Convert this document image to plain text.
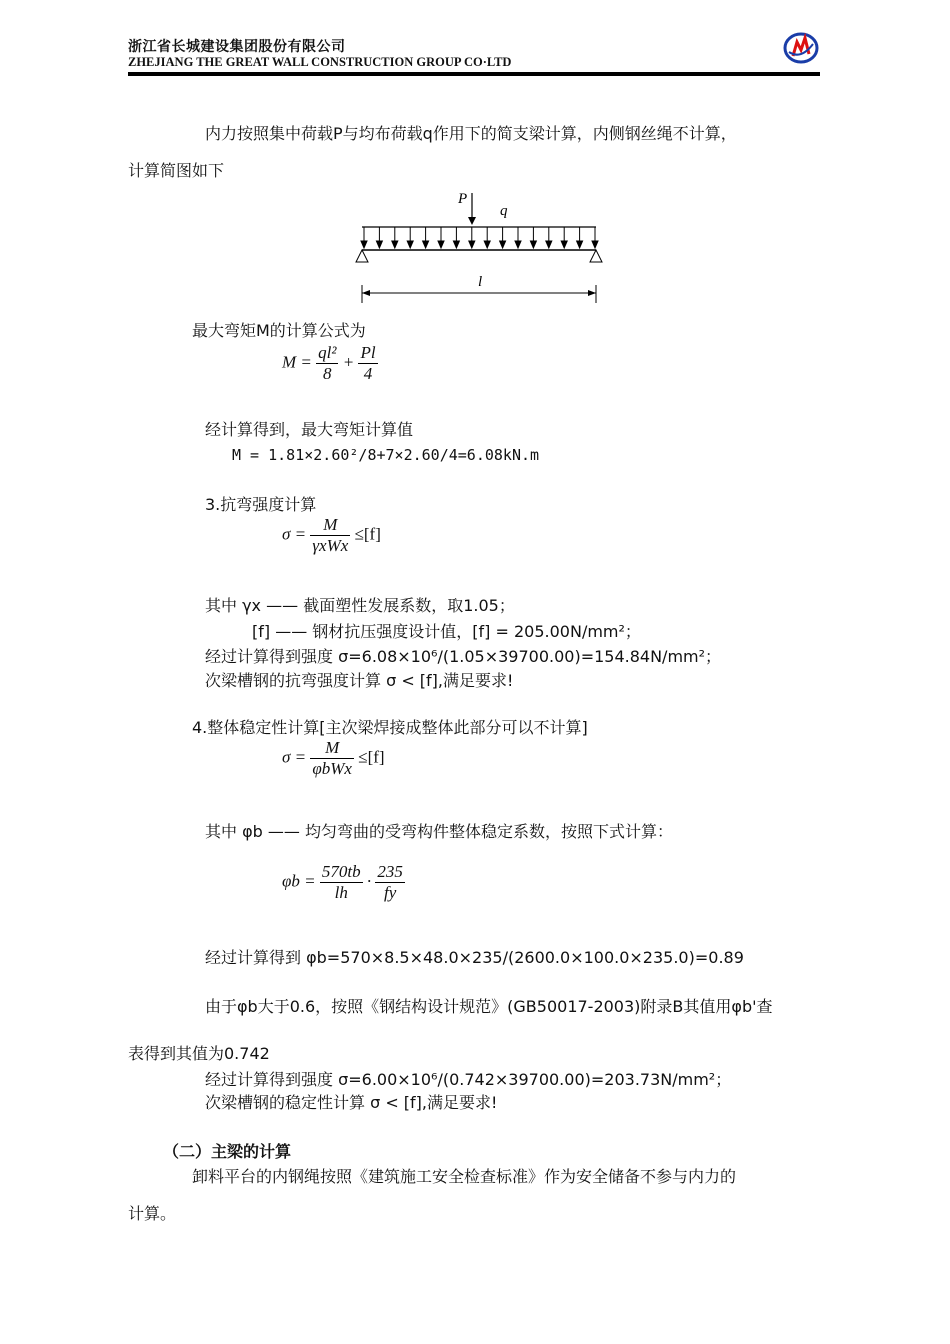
浙江省长城建设集团股份有限公司
ZHEJIANG THE GREAT WALL CONSTRUCTION GROUP CO·LTD
内力按照集中荷载P与均布荷载q作用下的简支梁计算，内侧钢丝绳不计算，
计算简图如下
P
q
l
最大弯矩M的计算公式为
$M = \frac{\text{ql²}}{8} + \frac{Pl}{4}$
经计算得到，最大弯矩计算值
M = 1.81×2.60²/8+7×2.60/4=6.08kN.m
3.抗弯强度计算
$\sigma = \frac{M}{\text{γxWx}} \le[f]$
其中 γx —— 截面塑性发展系数，取1.05；
[f] —— 钢材抗压强度设计值，[f] = 205.00N/mm²；
经过计算得到强度 σ=6.08×10⁶/(1.05×39700.00)=154.84N/mm²；
次梁槽钢的抗弯强度计算 σ < [f],满足要求!
4.整体稳定性计算[主次梁焊接成整体此部分可以不计算]
$\sigma = \frac{M}{\text{φbWx}} \le[f]$
其中 φb —— 均匀弯曲的受弯构件整体稳定系数，按照下式计算：
$\varphi b = \frac{570tb}{lh} \cdot \frac{235}{fy}$
经过计算得到 φb=570×8.5×48.0×235/(2600.0×100.0×235.0)=0.89
由于φb大于0.6，按照《钢结构设计规范》(GB50017-2003)附录B其值用φb'查
表得到其值为0.742
经过计算得到强度 σ=6.00×10⁶/(0.742×39700.00)=203.73N/mm²；
次梁槽钢的稳定性计算 σ < [f],满足要求!
（二）主梁的计算
卸料平台的内钢绳按照《建筑施工安全检查标准》作为安全储备不参与内力的
计算。
